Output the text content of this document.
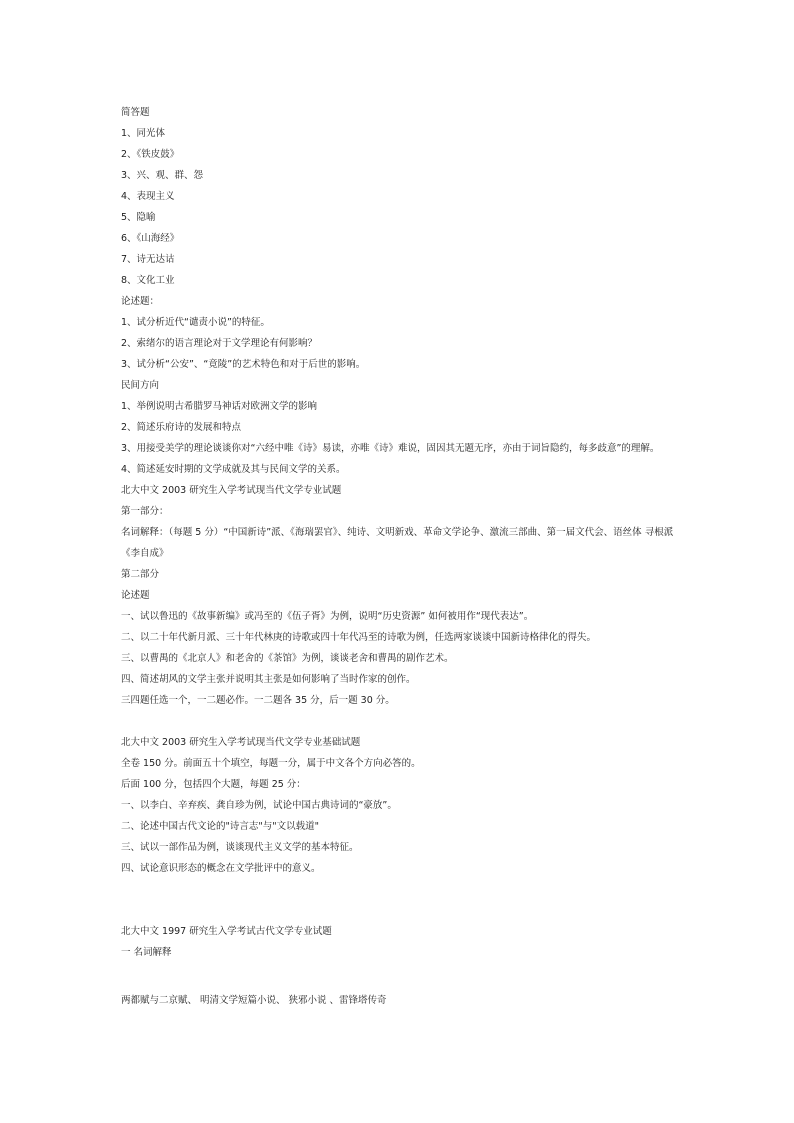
简答题
1、同光体
2、《铁皮鼓》
3、兴、观、群、怨
4、表现主义
5、隐喻
6、《山海经》
7、诗无达诂
8、文化工业
论述题：
1、试分析近代“谴责小说”的特征。
2、索绪尔的语言理论对于文学理论有何影响？
3、试分析“公安”、“竟陵”的艺术特色和对于后世的影响。
民间方向
1、举例说明古希腊罗马神话对欧洲文学的影响
2、简述乐府诗的发展和特点
3、用接受美学的理论谈谈你对“六经中唯《诗》易读，亦唯《诗》难说，固因其无题无序，亦由于词旨隐约，每多歧意”的理解。
4、简述延安时期的文学成就及其与民间文学的关系。
北大中文 2003 研究生入学考试现当代文学专业试题
第一部分：
名词解释：（每题 5 分）“中国新诗”派、《海瑞罢官》、纯诗、文明新戏、革命文学论争、激流三部曲、第一届文代会、语丝体 寻根派 《李自成》
第二部分
论述题
一、试以鲁迅的《故事新编》或冯至的《伍子胥》为例，说明“历史资源” 如何被用作“现代表达”。
二、以二十年代新月派、三十年代林庚的诗歌或四十年代冯至的诗歌为例，任选两家谈谈中国新诗格律化的得失。
三、以曹禺的《北京人》和老舍的《茶馆》为例，谈谈老舍和曹禺的剧作艺术。
四、简述胡风的文学主张并说明其主张是如何影响了当时作家的创作。
三四题任选一个，一二题必作。一二题各 35 分，后一题 30 分。
北大中文 2003 研究生入学考试现当代文学专业基础试题
全卷 150 分。前面五十个填空，每题一分，属于中文各个方向必答的。
后面 100 分，包括四个大题，每题 25 分：
一、以李白、辛弃疾、龚自珍为例，试论中国古典诗词的“豪放”。
二、论述中国古代文论的"诗言志"与"文以载道"
三、试以一部作品为例，谈谈现代主义文学的基本特征。
四、试论意识形态的概念在文学批评中的意义。
北大中文 1997 研究生入学考试古代文学专业试题
一 名词解释
两都赋与二京赋、 明清文学短篇小说、 狭邪小说 、雷锋塔传奇
